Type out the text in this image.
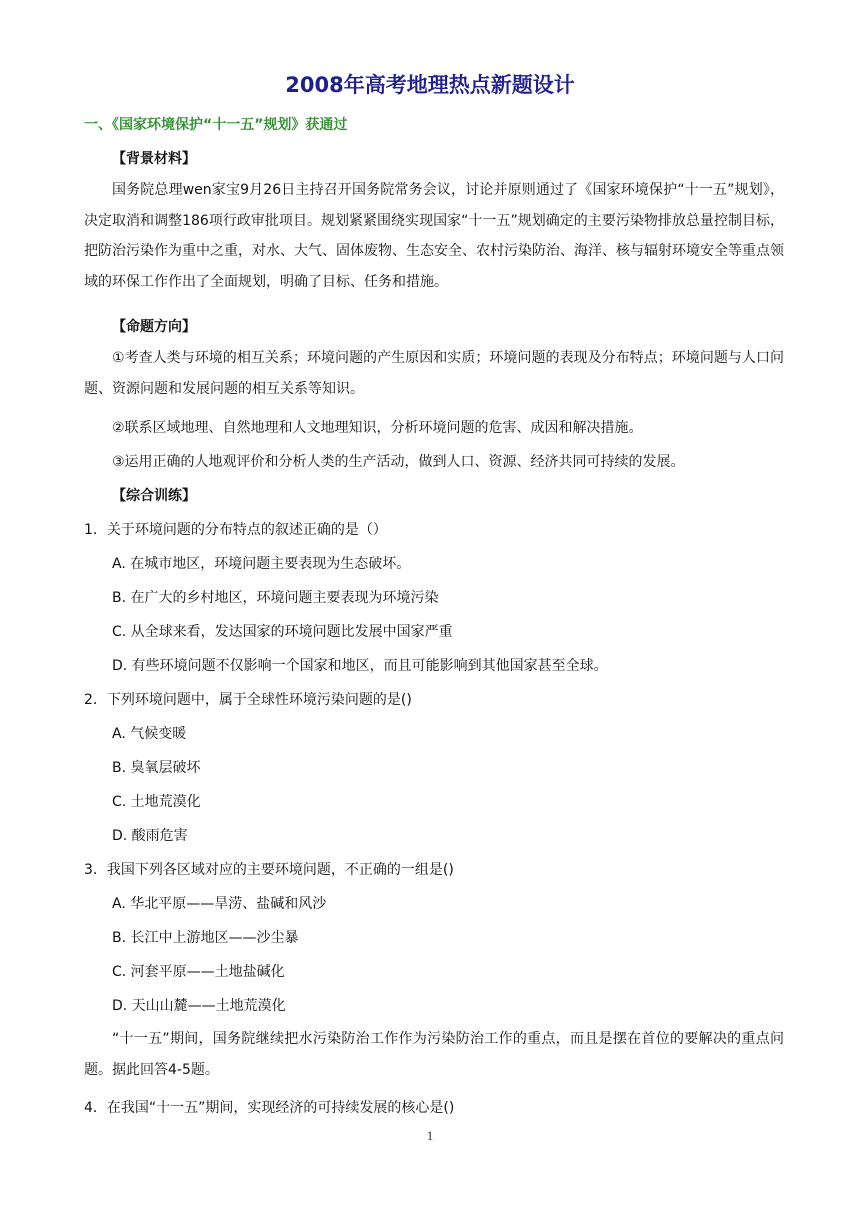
2008年高考地理热点新题设计

一、《国家环境保护“十一五”规划》获通过

【背景材料】

国务院总理wen家宝9月26日主持召开国务院常务会议，讨论并原则通过了《国家环境保护“十一五”规划》，决定取消和调整186项行政审批项目。规划紧紧围绕实现国家“十一五”规划确定的主要污染物排放总量控制目标，把防治污染作为重中之重，对水、大气、固体废物、生态安全、农村污染防治、海洋、核与辐射环境安全等重点领域的环保工作作出了全面规划，明确了目标、任务和措施。

【命题方向】

①考查人类与环境的相互关系；环境问题的产生原因和实质；环境问题的表现及分布特点；环境问题与人口问题、资源问题和发展问题的相互关系等知识。

②联系区域地理、自然地理和人文地理知识，分析环境问题的危害、成因和解决措施。

③运用正确的人地观评价和分析人类的生产活动，做到人口、资源、经济共同可持续的发展。

【综合训练】

1．关于环境问题的分布特点的叙述正确的是（）

A. 在城市地区，环境问题主要表现为生态破坏。

B. 在广大的乡村地区，环境问题主要表现为环境污染

C. 从全球来看，发达国家的环境问题比发展中国家严重

D. 有些环境问题不仅影响一个国家和地区，而且可能影响到其他国家甚至全球。

2．下列环境问题中，属于全球性环境污染问题的是()

A. 气候变暖

B. 臭氧层破坏

C. 土地荒漠化

D. 酸雨危害

3．我国下列各区域对应的主要环境问题，不正确的一组是()

A. 华北平原——旱涝、盐碱和风沙

B. 长江中上游地区——沙尘暴

C. 河套平原——土地盐碱化

D. 天山山麓——土地荒漠化

“十一五”期间，国务院继续把水污染防治工作作为污染防治工作的重点，而且是摆在首位的要解决的重点问题。据此回答4-5题。

4．在我国“十一五”期间，实现经济的可持续发展的核心是()

1
